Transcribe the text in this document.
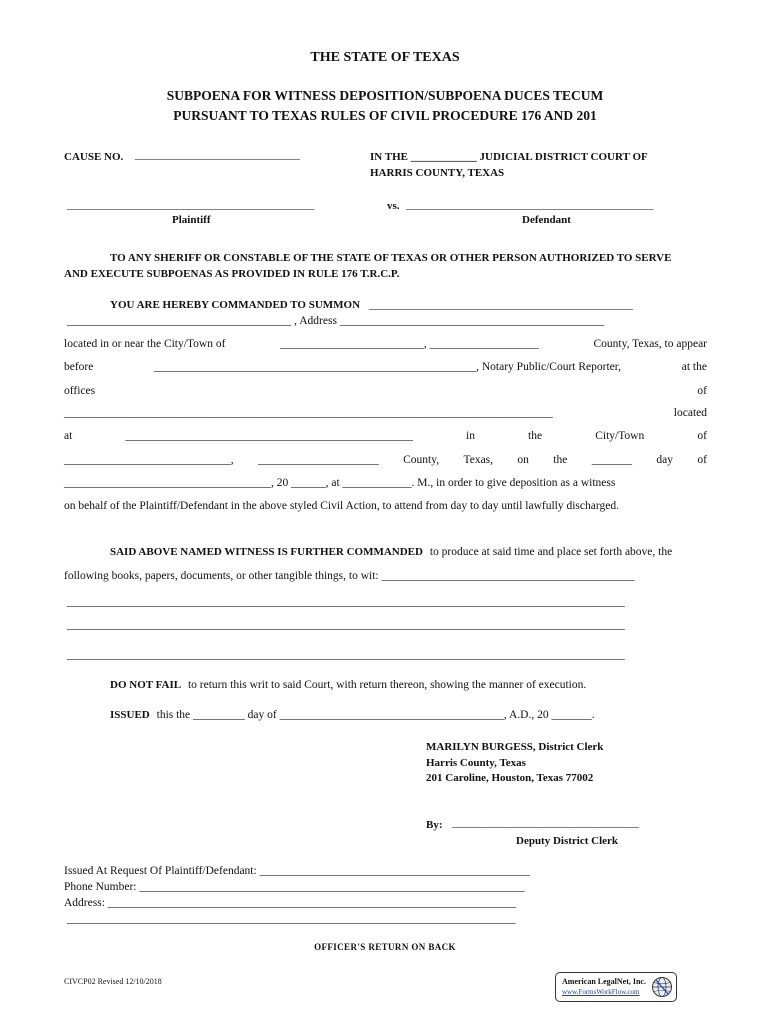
THE STATE OF TEXAS
SUBPOENA FOR WITNESS DEPOSITION/SUBPOENA DUCES TECUM
PURSUANT TO TEXAS RULES OF CIVIL PROCEDURE 176 AND 201
CAUSE NO. ______________________________	IN THE ____________ JUDICIAL DISTRICT COURT OF
HARRIS COUNTY, TEXAS
_____________________________________________	vs. _____________________________________________
Plaintiff	Defendant
TO ANY SHERIFF OR CONSTABLE OF THE STATE OF TEXAS OR OTHER PERSON AUTHORIZED TO SERVE
AND EXECUTE SUBPOENAS AS PROVIDED IN RULE 176 T.R.C.P.
YOU ARE HEREBY COMMANDED TO SUMMON ________________________________________________
_______________________________________ , Address ______________________________________________
located in or near the City/Town of	_________________________, ___________________	County, Texas, to appear
before	________________________________________________________, Notary Public/Court Reporter,	at the
offices	of
_____________________________________________________________________________________	located
at	__________________________________________________	in	the	City/Town	of
_____________________________, _____________________ County, Texas, on the _______ day of
____________________________________, 20 ______, at ____________. M., in order to give deposition as a witness
on behalf of the Plaintiff/Defendant in the above styled Civil Action, to attend from day to day until lawfully discharged.
SAID ABOVE NAMED WITNESS IS FURTHER COMMANDED to produce at said time and place set forth above, the
following books, papers, documents, or other tangible things, to wit: ____________________________________________
_________________________________________________________________________________________________
_________________________________________________________________________________________________
_________________________________________________________________________________________________
DO NOT FAIL to return this writ to said Court, with return thereon, showing the manner of execution.
ISSUED this the _________ day of _______________________________________, A.D., 20 _______.
MARILYN BURGESS, District Clerk
Harris County, Texas
201 Caroline, Houston, Texas 77002
By: __________________________________
Deputy District Clerk
Issued At Request Of Plaintiff/Defendant: _______________________________________________
Phone Number: ___________________________________________________________________
Address: _______________________________________________________________________
______________________________________________________________________________
OFFICER'S RETURN ON BACK
CIVCP02 Revised 12/10/2018	American LegalNet, Inc.
www.FormsWorkFlow.com
